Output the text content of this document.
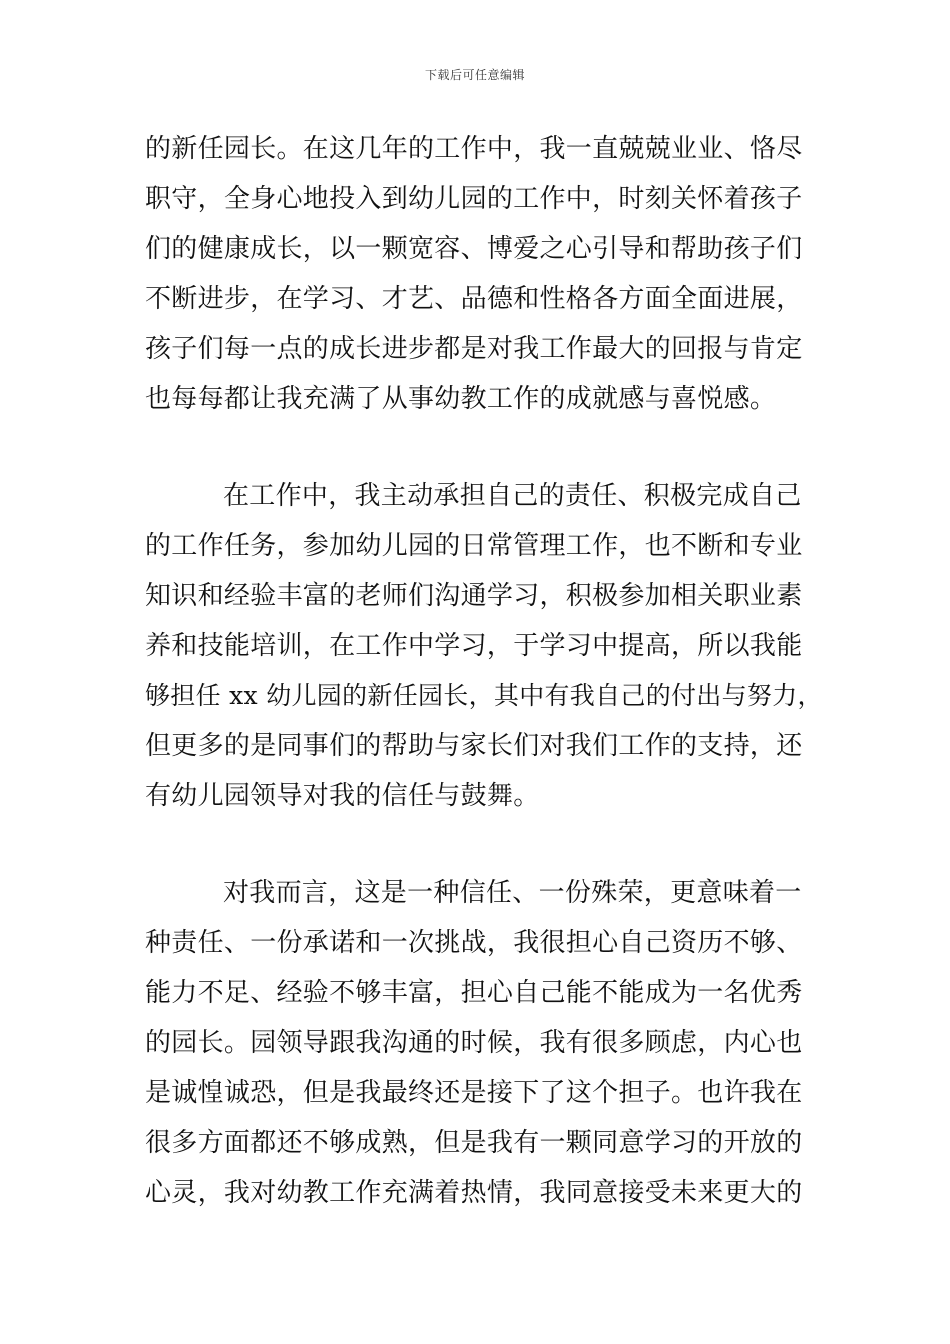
下载后可任意编辑
的新任园长。在这几年的工作中，我一直兢兢业业、恪尽
职守，全身心地投入到幼儿园的工作中，时刻关怀着孩子
们的健康成长，以一颗宽容、博爱之心引导和帮助孩子们
不断进步，在学习、才艺、品德和性格各方面全面进展，
孩子们每一点的成长进步都是对我工作最大的回报与肯定
也每每都让我充满了从事幼教工作的成就感与喜悦感。
在工作中，我主动承担自己的责任、积极完成自己
的工作任务，参加幼儿园的日常管理工作，也不断和专业
知识和经验丰富的老师们沟通学习，积极参加相关职业素
养和技能培训，在工作中学习，于学习中提高，所以我能
够担任 xx 幼儿园的新任园长，其中有我自己的付出与努力，
但更多的是同事们的帮助与家长们对我们工作的支持，还
有幼儿园领导对我的信任与鼓舞。
对我而言，这是一种信任、一份殊荣，更意味着一
种责任、一份承诺和一次挑战，我很担心自己资历不够、
能力不足、经验不够丰富，担心自己能不能成为一名优秀
的园长。园领导跟我沟通的时候，我有很多顾虑，内心也
是诚惶诚恐，但是我最终还是接下了这个担子。也许我在
很多方面都还不够成熟，但是我有一颗同意学习的开放的
心灵，我对幼教工作充满着热情，我同意接受未来更大的
